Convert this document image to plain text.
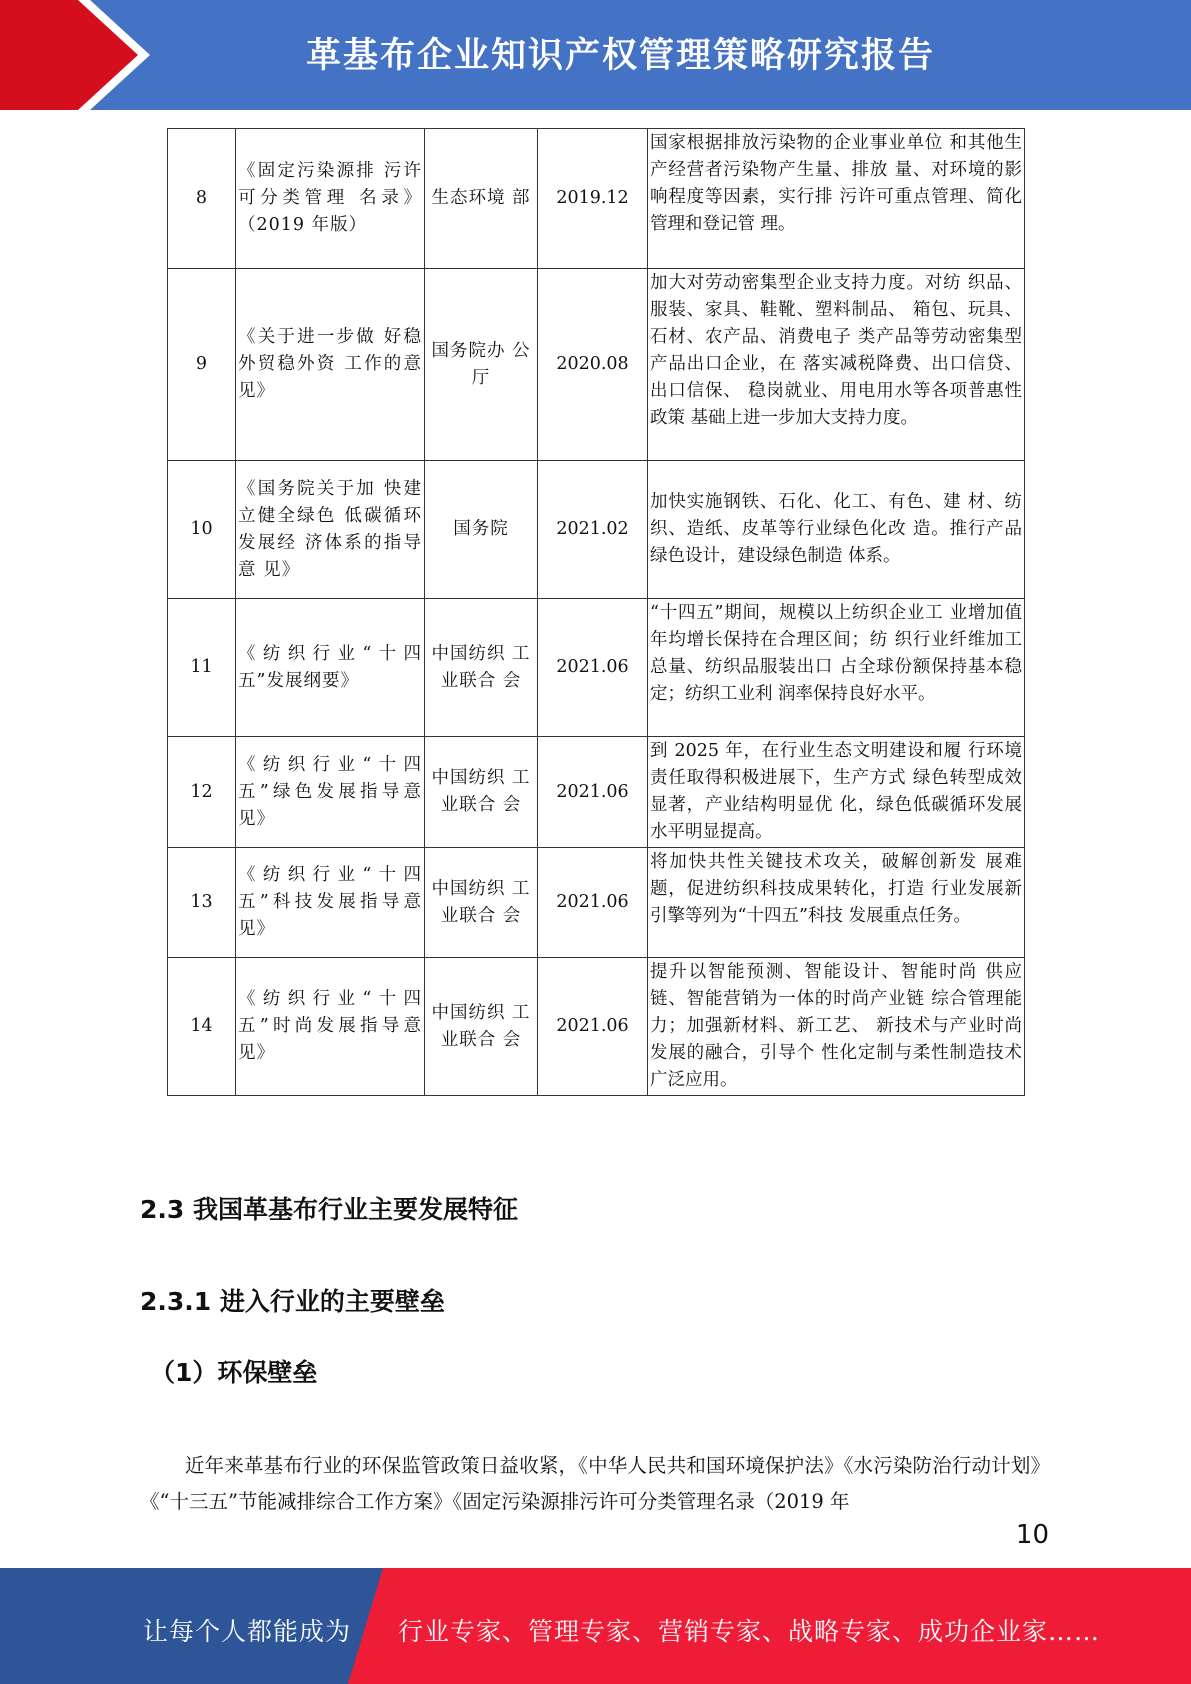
革基布企业知识产权管理策略研究报告
8	《固定污染源排 污许可分类管理 名录》（2019 年版）	生态环境 部	2019.12	国家根据排放污染物的企业事业单位 和其他生产经营者污染物产生量、排放 量、对环境的影响程度等因素，实行排 污许可重点管理、简化管理和登记管 理。
9	《关于进一步做 好稳外贸稳外资 工作的意见》	国务院办 公厅	2020.08	加大对劳动密集型企业支持力度。对纺 织品、服装、家具、鞋靴、塑料制品、 箱包、玩具、石材、农产品、消费电子 类产品等劳动密集型产品出口企业，在 落实减税降费、出口信贷、出口信保、 稳岗就业、用电用水等各项普惠性政策 基础上进一步加大支持力度。
10	《国务院关于加 快建立健全绿色 低碳循环发展经 济体系的指导意 见》	国务院	2021.02	加快实施钢铁、石化、化工、有色、建 材、纺织、造纸、皮革等行业绿色化改 造。推行产品绿色设计，建设绿色制造 体系。
11	《纺织行业“十四五”发展纲要》	中国纺织 工业联合 会	2021.06	“十四五”期间，规模以上纺织企业工 业增加值年均增长保持在合理区间；纺 织行业纤维加工总量、纺织品服装出口 占全球份额保持基本稳定；纺织工业利 润率保持良好水平。
12	《纺织行业“十四五”绿色发展指导意见》	中国纺织 工业联合 会	2021.06	到 2025 年，在行业生态文明建设和履 行环境责任取得积极进展下，生产方式 绿色转型成效显著，产业结构明显优 化，绿色低碳循环发展水平明显提高。
13	《纺织行业“十四五”科技发展指导意见》	中国纺织 工业联合 会	2021.06	将加快共性关键技术攻关，破解创新发 展难题，促进纺织科技成果转化，打造 行业发展新引擎等列为“十四五”科技 发展重点任务。
14	《纺织行业“十四五”时尚发展指导意见》	中国纺织 工业联合 会	2021.06	提升以智能预测、智能设计、智能时尚 供应链、智能营销为一体的时尚产业链 综合管理能力；加强新材料、新工艺、 新技术与产业时尚发展的融合，引导个 性化定制与柔性制造技术广泛应用。
2.3 我国革基布行业主要发展特征
2.3.1 进入行业的主要壁垒
（1）环保壁垒

近年来革基布行业的环保监管政策日益收紧，《中华人民共和国环境保护法》《水污染防治行动计划》《“十三五”节能减排综合工作方案》《固定污染源排污许可分类管理名录（2019 年

10
让每个人都能成为 行业专家、管理专家、营销专家、战略专家、成功企业家……
